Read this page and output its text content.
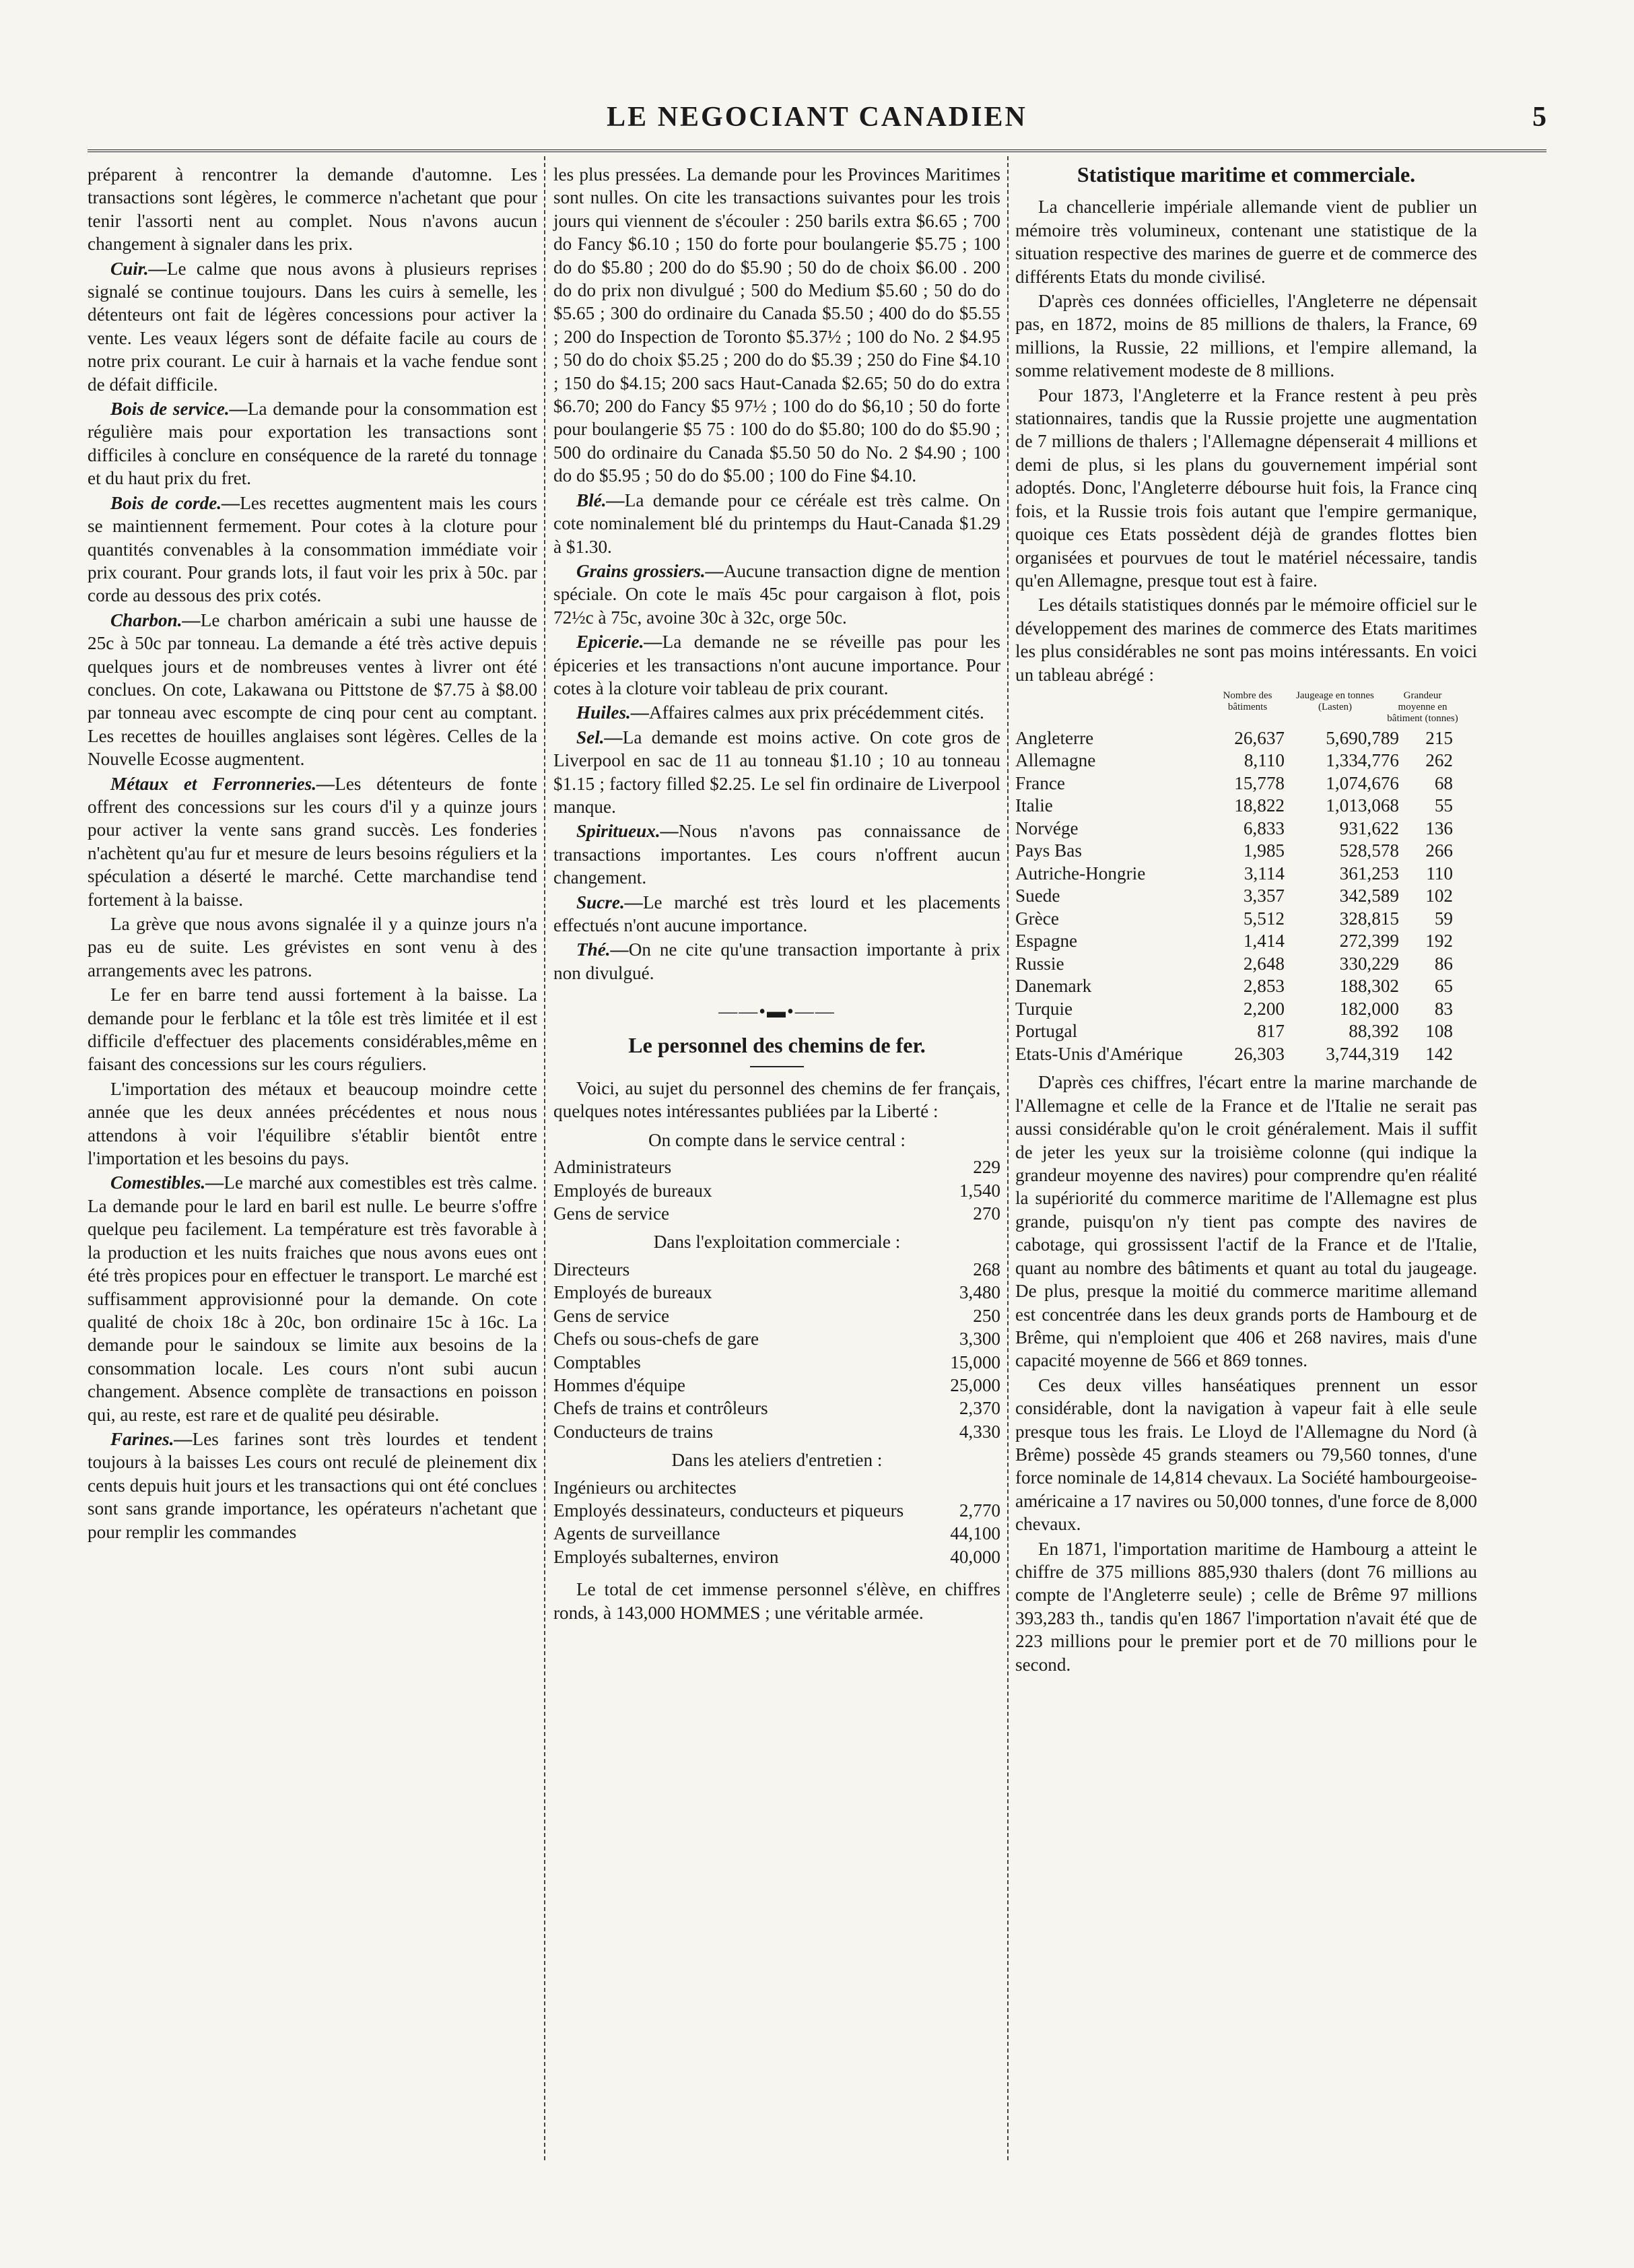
LE NEGOCIANT CANADIEN	5

préparent à rencontrer la demande d'automne. Les transactions sont légères, le commerce n'achetant que pour tenir l'assorti nent au complet. Nous n'avons aucun changement à signaler dans les prix.

Cuir.—Le calme que nous avons à plusieurs reprises signalé se continue toujours. Dans les cuirs à semelle, les détenteurs ont fait de légères concessions pour activer la vente. Les veaux légers sont de défaite facile au cours de notre prix courant. Le cuir à harnais et la vache fendue sont de défait difficile.

Bois de service.—La demande pour la consommation est régulière mais pour exportation les transactions sont difficiles à conclure en conséquence de la rareté du tonnage et du haut prix du fret.

Bois de corde.—Les recettes augmentent mais les cours se maintiennent fermement. Pour cotes à la cloture pour quantités convenables à la consommation immédiate voir prix courant. Pour grands lots, il faut voir les prix à 50c. par corde au dessous des prix cotés.

Charbon.—Le charbon américain a subi une hausse de 25c à 50c par tonneau. La demande a été très active depuis quelques jours et de nombreuses ventes à livrer ont été conclues. On cote, Lakawana ou Pittstone de $7.75 à $8.00 par tonneau avec escompte de cinq pour cent au comptant. Les recettes de houilles anglaises sont légères. Celles de la Nouvelle Ecosse augmentent.

Métaux et Ferronneries.—Les détenteurs de fonte offrent des concessions sur les cours d'il y a quinze jours pour activer la vente sans grand succès. Les fonderies n'achètent qu'au fur et mesure de leurs besoins réguliers et la spéculation a déserté le marché. Cette marchandise tend fortement à la baisse.

La grève que nous avons signalée il y a quinze jours n'a pas eu de suite. Les grévistes en sont venu à des arrangements avec les patrons.

Le fer en barre tend aussi fortement à la baisse. La demande pour le ferblanc et la tôle est très limitée et il est difficile d'effectuer des placements considérables,même en faisant des concessions sur les cours réguliers.

L'importation des métaux et beaucoup moindre cette année que les deux années précédentes et nous nous attendons à voir l'équilibre s'établir bientôt entre l'importation et les besoins du pays.

Comestibles.—Le marché aux comestibles est très calme. La demande pour le lard en baril est nulle. Le beurre s'offre quelque peu facilement. La température est très favorable à la production et les nuits fraiches que nous avons eues ont été très propices pour en effectuer le transport. Le marché est suffisamment approvisionné pour la demande. On cote qualité de choix 18c à 20c, bon ordinaire 15c à 16c. La demande pour le saindoux se limite aux besoins de la consommation locale. Les cours n'ont subi aucun changement. Absence complète de transactions en poisson qui, au reste, est rare et de qualité peu désirable.

Farines.—Les farines sont très lourdes et tendent toujours à la baisses Les cours ont reculé de pleinement dix cents depuis huit jours et les transactions qui ont été conclues sont sans grande importance, les opérateurs n'achetant que pour remplir les commandes

les plus pressées. La demande pour les Provinces Maritimes sont nulles. On cite les transactions suivantes pour les trois jours qui viennent de s'écouler : 250 barils extra $6.65 ; 700 do Fancy $6.10 ; 150 do forte pour boulangerie $5.75 ; 100 do do $5.80 ; 200 do do $5.90 ; 50 do de choix $6.00 . 200 do do prix non divulgué ; 500 do Medium $5.60 ; 50 do do $5.65 ; 300 do ordinaire du Canada $5.50 ; 400 do do $5.55 ; 200 do Inspection de Toronto $5.37½ ; 100 do No. 2 $4.95 ; 50 do do choix $5.25 ; 200 do do $5.39 ; 250 do Fine $4.10 ; 150 do $4.15; 200 sacs Haut-Canada $2.65; 50 do do extra $6.70; 200 do Fancy $5 97½ ; 100 do do $6,10 ; 50 do forte pour boulangerie $5 75 : 100 do do $5.80; 100 do do $5.90 ; 500 do ordinaire du Canada $5.50 50 do No. 2 $4.90 ; 100 do do $5.95 ; 50 do do $5.00 ; 100 do Fine $4.10.

Blé.—La demande pour ce céréale est très calme. On cote nominalement blé du printemps du Haut-Canada $1.29 à $1.30.

Grains grossiers.—Aucune transaction digne de mention spéciale. On cote le maïs 45c pour cargaison à flot, pois 72½c à 75c, avoine 30c à 32c, orge 50c.

Epicerie.—La demande ne se réveille pas pour les épiceries et les transactions n'ont aucune importance. Pour cotes à la cloture voir tableau de prix courant.

Huiles.—Affaires calmes aux prix précédemment cités.

Sel.—La demande est moins active. On cote gros de Liverpool en sac de 11 au tonneau $1.10 ; 10 au tonneau $1.15 ; factory filled $2.25. Le sel fin ordinaire de Liverpool manque.

Spiritueux.—Nous n'avons pas connaissance de transactions importantes. Les cours n'offrent aucun changement.

Sucre.—Le marché est très lourd et les placements effectués n'ont aucune importance.

Thé.—On ne cite qu'une transaction importante à prix non divulgué.

——•▬•——
Le personnel des chemins de fer.

Voici, au sujet du personnel des chemins de fer français, quelques notes intéressantes publiées par la Liberté :

On compte dans le service central :
Administrateurs	229
Employés de bureaux	1,540
Gens de service	270
Dans l'exploitation commerciale :
Directeurs	268
Employés de bureaux	3,480
Gens de service	250
Chefs ou sous-chefs de gare	3,300
Comptables	15,000
Hommes d'équipe	25,000
Chefs de trains et contrôleurs	2,370
Conducteurs de trains	4,330
Dans les ateliers d'entretien :
Ingénieurs ou architectes
Employés dessinateurs, conducteurs et piqueurs	2,770
Agents de surveillance	44,100
Employés subalternes, environ	40,000

Le total de cet immense personnel s'élève, en chiffres ronds, à 143,000 HOMMES ; une véritable armée.

Statistique maritime et commerciale.

La chancellerie impériale allemande vient de publier un mémoire très volumineux, contenant une statistique de la situation respective des marines de guerre et de commerce des différents Etats du monde civilisé.

D'après ces données officielles, l'Angleterre ne dépensait pas, en 1872, moins de 85 millions de thalers, la France, 69 millions, la Russie, 22 millions, et l'empire allemand, la somme relativement modeste de 8 millions.

Pour 1873, l'Angleterre et la France restent à peu près stationnaires, tandis que la Russie projette une augmentation de 7 millions de thalers ; l'Allemagne dépenserait 4 millions et demi de plus, si les plans du gouvernement impérial sont adoptés. Donc, l'Angleterre débourse huit fois, la France cinq fois, et la Russie trois fois autant que l'empire germanique, quoique ces Etats possèdent déjà de grandes flottes bien organisées et pourvues de tout le matériel nécessaire, tandis qu'en Allemagne, presque tout est à faire.

Les détails statistiques donnés par le mémoire officiel sur le développement des marines de commerce des Etats maritimes les plus considérables ne sont pas moins intéressants. En voici un tableau abrégé :

Nombre des bâtiments
Jaugeage en tonnes (Lasten)
Grandeur moyenne en bâtiment (tonnes)
Angleterre	26,637	5,690,789	215
Allemagne	8,110	1,334,776	262
France	15,778	1,074,676	68
Italie	18,822	1,013,068	55
Norvége	6,833	931,622	136
Pays Bas	1,985	528,578	266
Autriche-Hongrie	3,114	361,253	110
Suede	3,357	342,589	102
Grèce	5,512	328,815	59
Espagne	1,414	272,399	192
Russie	2,648	330,229	86
Danemark	2,853	188,302	65
Turquie	2,200	182,000	83
Portugal	817	88,392	108
Etats-Unis d'Amérique	26,303	3,744,319	142

D'après ces chiffres, l'écart entre la marine marchande de l'Allemagne et celle de la France et de l'Italie ne serait pas aussi considérable qu'on le croit généralement. Mais il suffit de jeter les yeux sur la troisième colonne (qui indique la grandeur moyenne des navires) pour comprendre qu'en réalité la supériorité du commerce maritime de l'Allemagne est plus grande, puisqu'on n'y tient pas compte des navires de cabotage, qui grossissent l'actif de la France et de l'Italie, quant au nombre des bâtiments et quant au total du jaugeage. De plus, presque la moitié du commerce maritime allemand est concentrée dans les deux grands ports de Hambourg et de Brême, qui n'emploient que 406 et 268 navires, mais d'une capacité moyenne de 566 et 869 tonnes.

Ces deux villes hanséatiques prennent un essor considérable, dont la navigation à vapeur fait à elle seule presque tous les frais. Le Lloyd de l'Allemagne du Nord (à Brême) possède 45 grands steamers ou 79,560 tonnes, d'une force nominale de 14,814 chevaux. La Société hambourgeoise-américaine a 17 navires ou 50,000 tonnes, d'une force de 8,000 chevaux.

En 1871, l'importation maritime de Hambourg a atteint le chiffre de 375 millions 885,930 thalers (dont 76 millions au compte de l'Angleterre seule) ; celle de Brême 97 millions 393,283 th., tandis qu'en 1867 l'importation n'avait été que de 223 millions pour le premier port et de 70 millions pour le second.
